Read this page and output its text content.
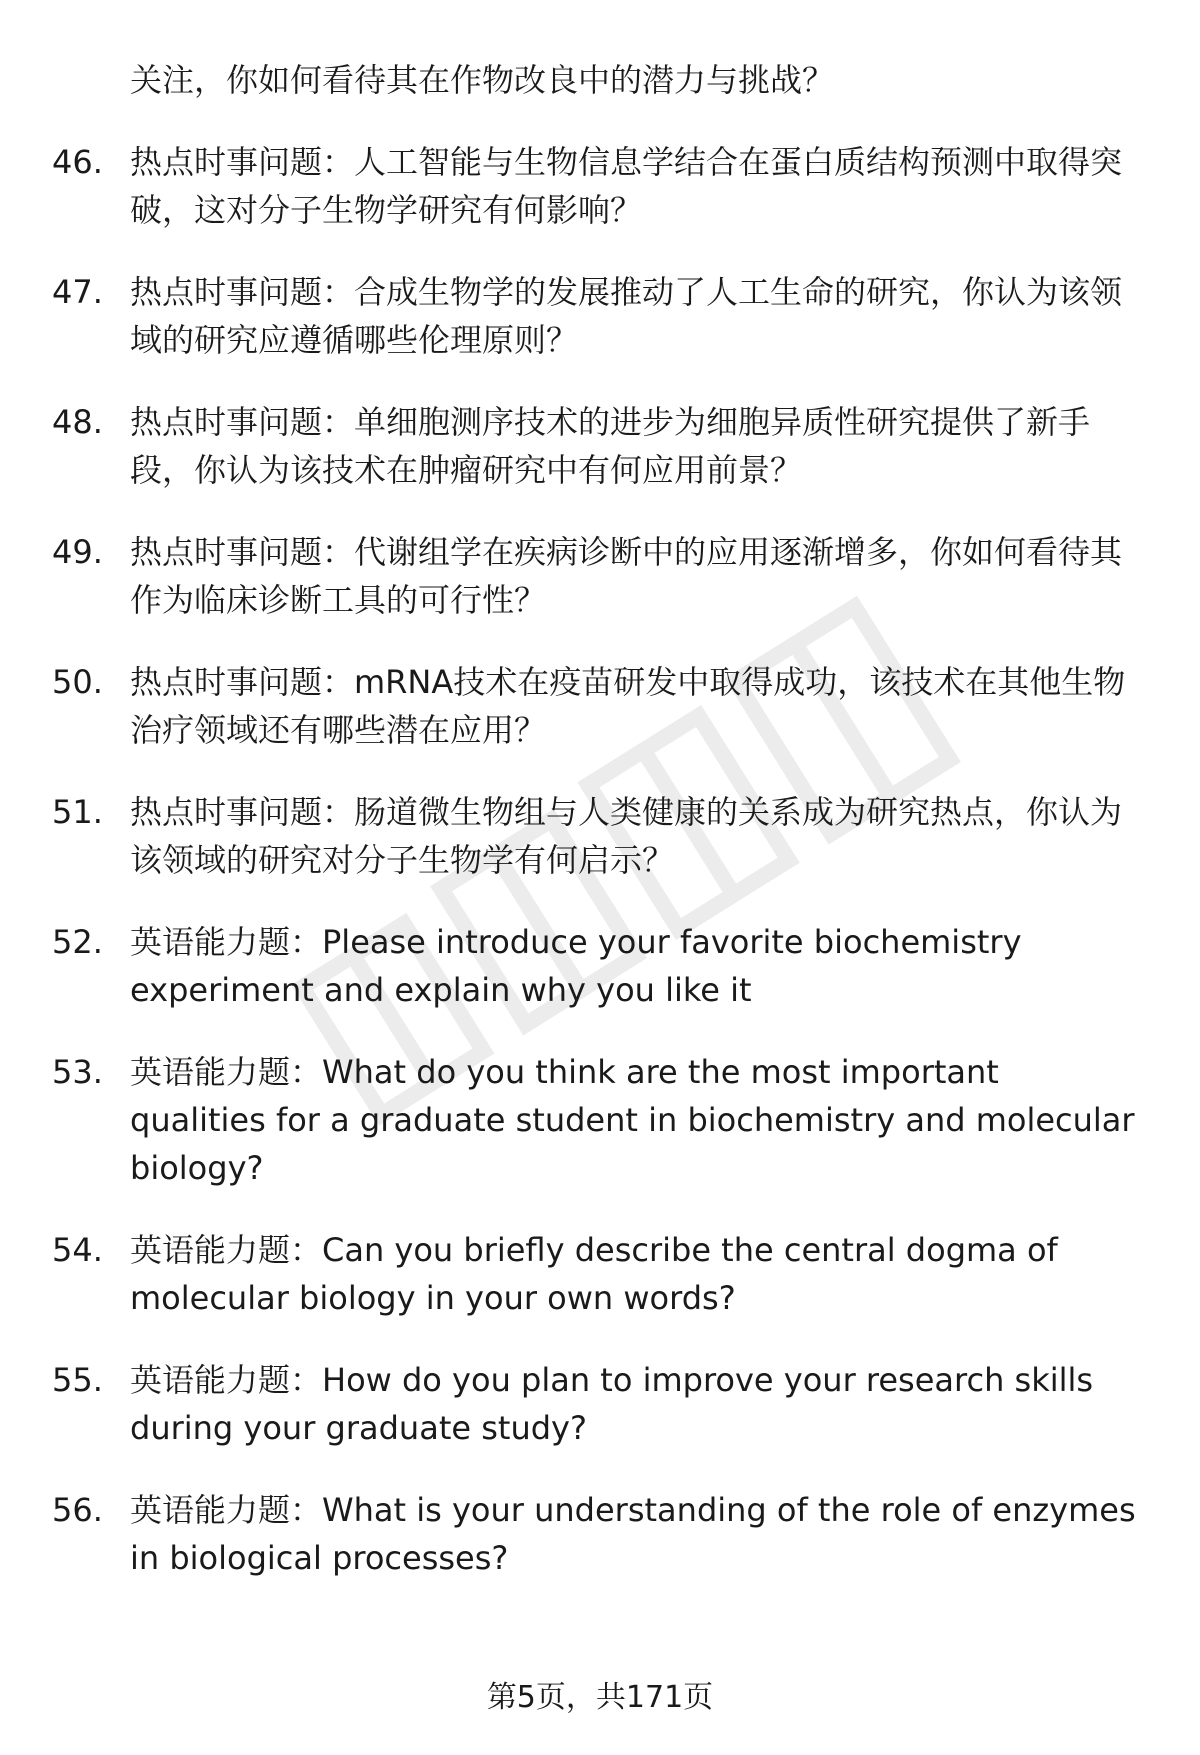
关注，你如何看待其在作物改良中的潜力与挑战？
46. 热点时事问题：人工智能与生物信息学结合在蛋白质结构预测中取得突破，这对分子生物学研究有何影响？
47. 热点时事问题：合成生物学的发展推动了人工生命的研究，你认为该领域的研究应遵循哪些伦理原则？
48. 热点时事问题：单细胞测序技术的进步为细胞异质性研究提供了新手段，你认为该技术在肿瘤研究中有何应用前景？
49. 热点时事问题：代谢组学在疾病诊断中的应用逐渐增多，你如何看待其作为临床诊断工具的可行性？
50. 热点时事问题：mRNA技术在疫苗研发中取得成功，该技术在其他生物治疗领域还有哪些潜在应用？
51. 热点时事问题：肠道微生物组与人类健康的关系成为研究热点，你认为该领域的研究对分子生物学有何启示？
52. 英语能力题：Please introduce your favorite biochemistry experiment and explain why you like it
53. 英语能力题：What do you think are the most important qualities for a graduate student in biochemistry and molecular biology?
54. 英语能力题：Can you briefly describe the central dogma of molecular biology in your own words?
55. 英语能力题：How do you plan to improve your research skills during your graduate study?
56. 英语能力题：What is your understanding of the role of enzymes in biological processes?
第5页，共171页
